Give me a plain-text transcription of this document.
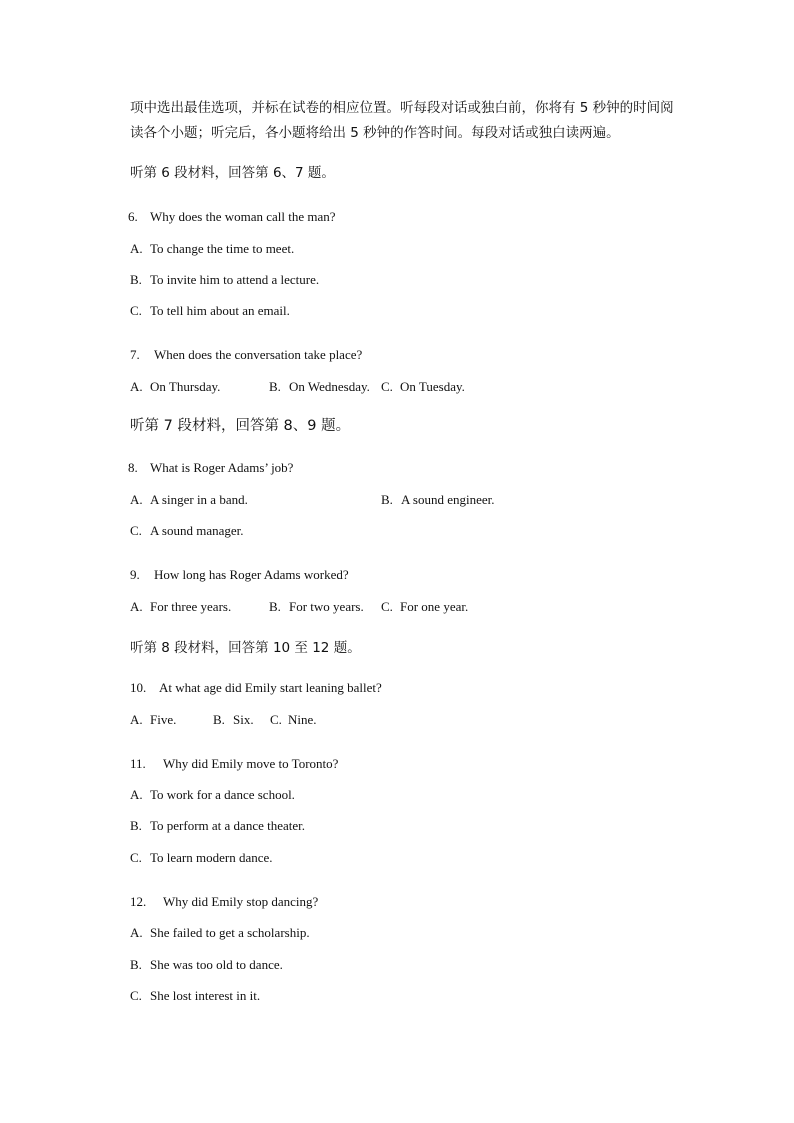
项中选出最佳选项，并标在试卷的相应位置。听每段对话或独白前，你将有 5 秒钟的时间阅
读各个小题；听完后，各小题将给出 5 秒钟的作答时间。每段对话或独白读两遍。
听第 6 段材料，回答第 6、7 题。
6. Why does the woman call the man?
A. To change the time to meet.
B. To invite him to attend a lecture.
C. To tell him about an email.
7. When does the conversation take place?
A. On Thursday.	B. On Wednesday. C. On Tuesday.
听第 7 段材料，回答第 8、9 题。
8. What is Roger Adams’ job?
A. A singer in a band.	B. A sound engineer.
C. A sound manager.
9. How long has Roger Adams worked?
A. For three years.	B. For two years. C. For one year.
听第 8 段材料，回答第 10 至 12 题。
10. At what age did Emily start leaning ballet?
A. Five.	B. Six. C. Nine.
11. Why did Emily move to Toronto?
A. To work for a dance school.
B. To perform at a dance theater.
C. To learn modern dance.
12. Why did Emily stop dancing?
A. She failed to get a scholarship.
B. She was too old to dance.
C. She lost interest in it.
